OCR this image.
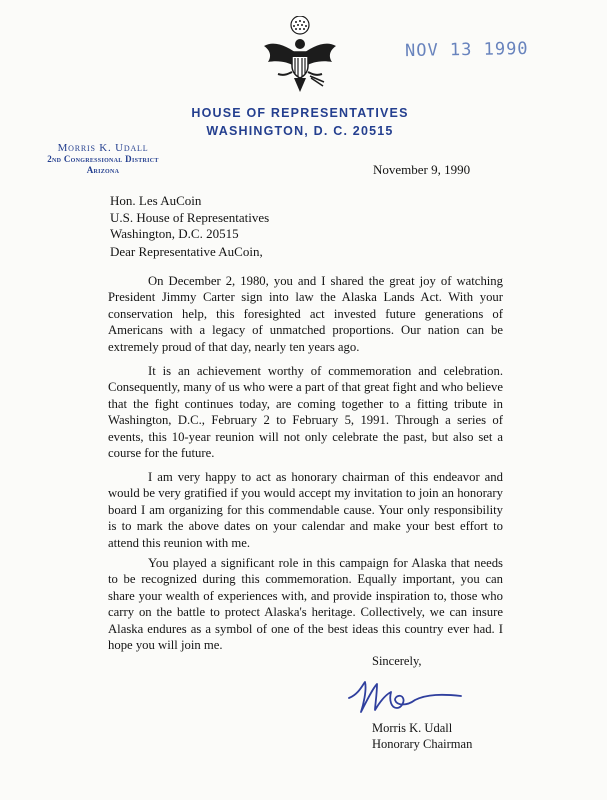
NOV 13 1990
HOUSE OF REPRESENTATIVES
WASHINGTON, D. C. 20515
Morris K. Udall
2nd Congressional District
Arizona	November 9, 1990
Hon. Les AuCoin
U.S. House of Representatives
Washington, D.C. 20515
Dear Representative AuCoin,
On December 2, 1980, you and I shared the great joy of watching President Jimmy Carter sign into law the Alaska Lands Act. With your conservation help, this foresighted act invested future generations of Americans with a legacy of unmatched proportions. Our nation can be extremely proud of that day, nearly ten years ago.
It is an achievement worthy of commemoration and celebration. Consequently, many of us who were a part of that great fight and who believe that the fight continues today, are coming together to a fitting tribute in Washington, D.C., February 2 to February 5, 1991. Through a series of events, this 10-year reunion will not only celebrate the past, but also set a course for the future.
I am very happy to act as honorary chairman of this endeavor and would be very gratified if you would accept my invitation to join an honorary board I am organizing for this commendable cause. Your only responsibility is to mark the above dates on your calendar and make your best effort to attend this reunion with me.
You played a significant role in this campaign for Alaska that needs to be recognized during this commemoration. Equally important, you can share your wealth of experiences with, and provide inspiration to, those who carry on the battle to protect Alaska's heritage. Collectively, we can insure Alaska endures as a symbol of one of the best ideas this country ever had. I hope you will join me.
Sincerely,
Morris K. Udall
Honorary Chairman
